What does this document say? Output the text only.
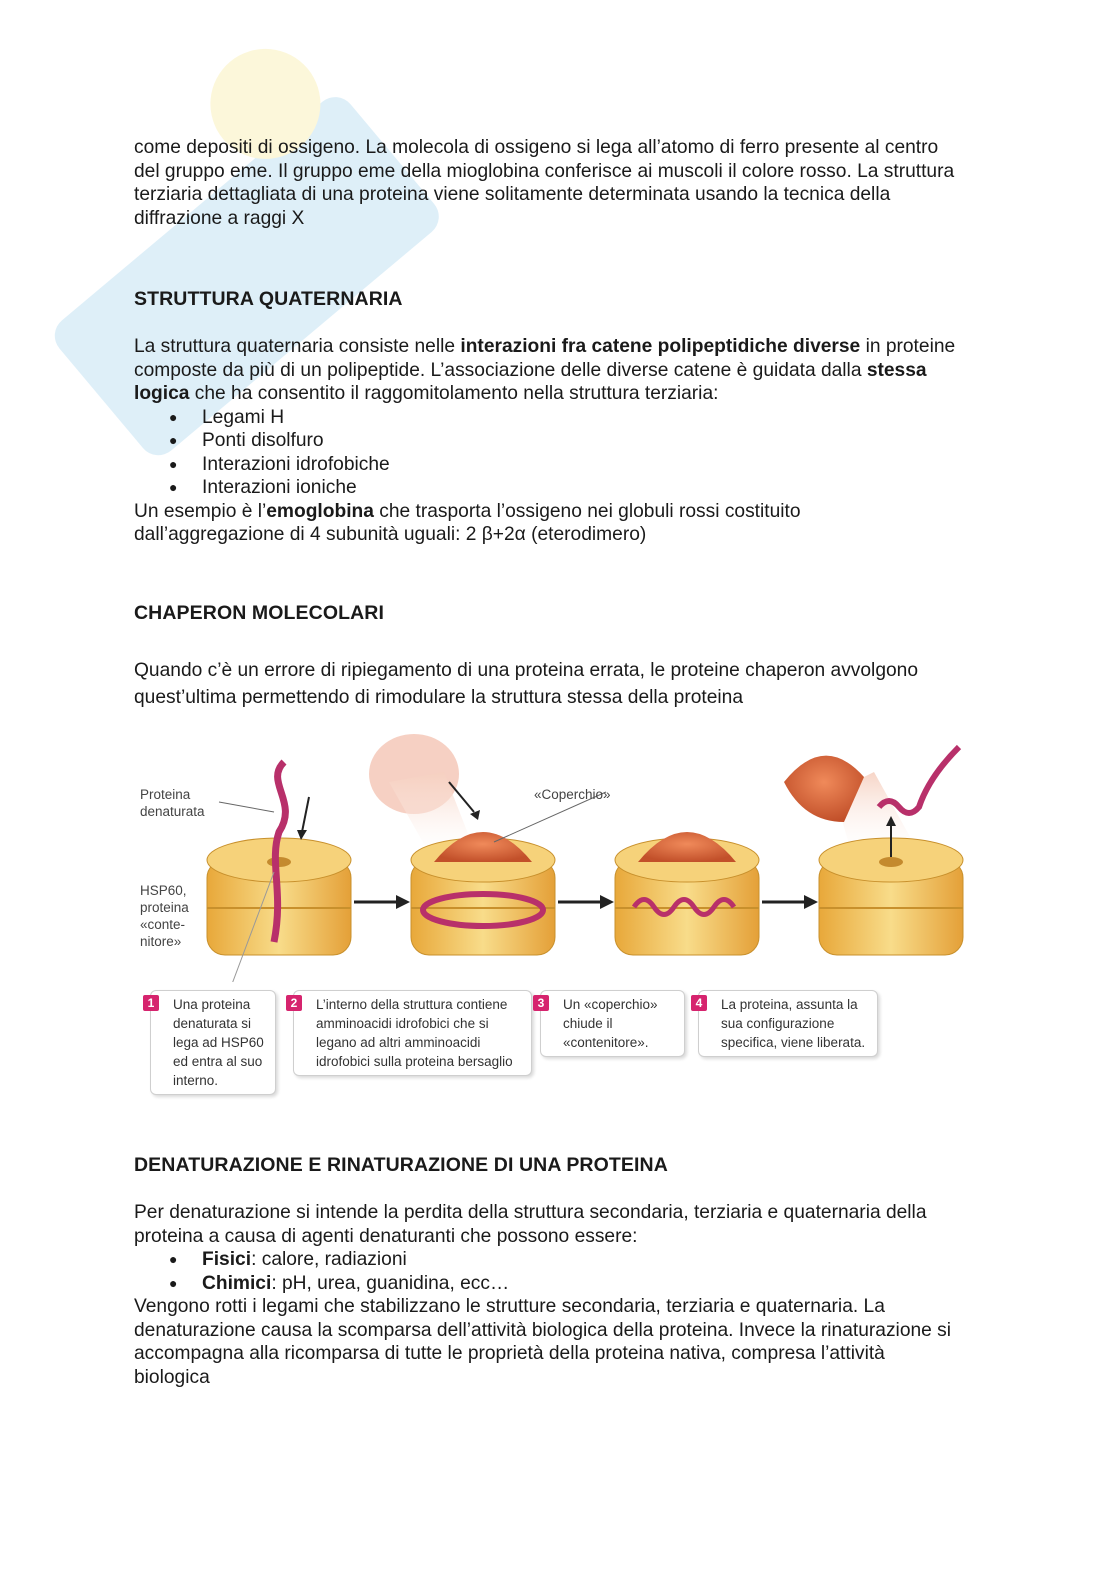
come depositi di ossigeno. La molecola di ossigeno si lega all’atomo di ferro presente al centro del gruppo eme. Il gruppo eme della mioglobina conferisce ai muscoli il colore rosso. La struttura terziaria dettagliata di una proteina viene solitamente determinata usando la tecnica della diffrazione a raggi X

STRUTTURA QUATERNARIA

La struttura quaternaria consiste nelle interazioni fra catene polipeptidiche diverse in proteine composte da più di un polipeptide. L’associazione delle diverse catene è guidata dalla stessa logica che ha consentito il raggomitolamento nella struttura terziaria:

● Legami H
● Ponti disolfuro
● Interazioni idrofobiche
● Interazioni ioniche

Un esempio è l’emoglobina che trasporta l’ossigeno nei globuli rossi costituito dall’aggregazione di 4 subunità uguali: 2 β+2α (eterodimero)

CHAPERON MOLECOLARI

Quando c’è un errore di ripiegamento di una proteina errata, le proteine chaperon avvolgono quest’ultima permettendo di rimodulare la struttura stessa della proteina

Proteina denaturata
HSP60, proteina «conte- nitore»
«Coperchio»
1	Una proteina denaturata si lega ad HSP60 ed entra al suo interno.
2	L’interno della struttura contiene amminoacidi idrofobici che si legano ad altri amminoacidi idrofobici sulla proteina bersaglio
3	Un «coperchio» chiude il «contenitore».
4	La proteina, assunta la sua configurazione specifica, viene liberata.
DENATURAZIONE E RINATURAZIONE DI UNA PROTEINA

Per denaturazione si intende la perdita della struttura secondaria, terziaria e quaternaria della proteina a causa di agenti denaturanti che possono essere:

● Fisici: calore, radiazioni
● Chimici: pH, urea, guanidina, ecc…

Vengono rotti i legami che stabilizzano le strutture secondaria, terziaria e quaternaria. La denaturazione causa la scomparsa dell’attività biologica della proteina. Invece la rinaturazione si accompagna alla ricomparsa di tutte le proprietà della proteina nativa, compresa l’attività biologica
